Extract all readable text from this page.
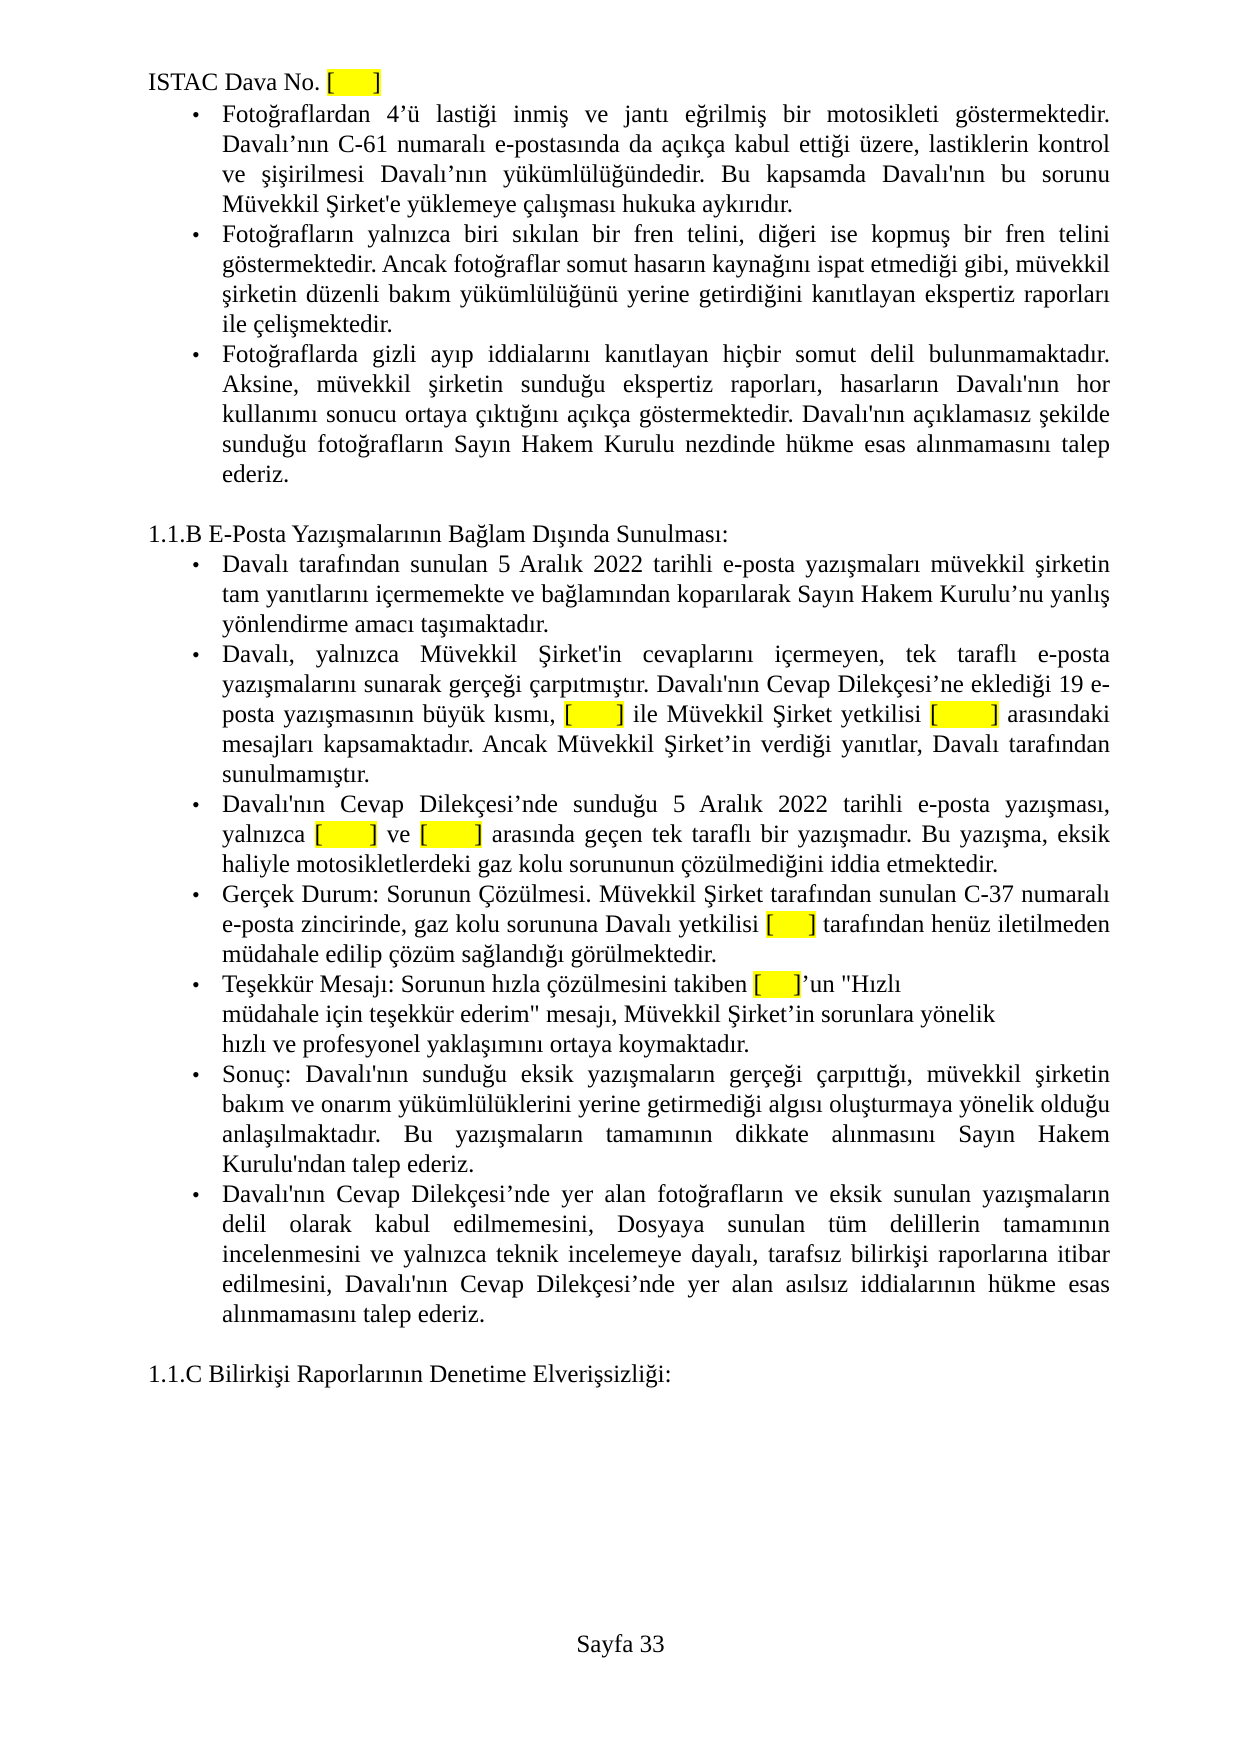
ISTAC Dava No. [      ]
• Fotoğraflardan 4’ü lastiği inmiş ve jantı eğrilmiş bir motosikleti göstermektedir. Davalı’nın C-61 numaralı e-postasında da açıkça kabul ettiği üzere, lastiklerin kontrol ve şişirilmesi Davalı’nın yükümlülüğündedir. Bu kapsamda Davalı'nın bu sorunu Müvekkil Şirket'e yüklemeye çalışması hukuka aykırıdır.
• Fotoğrafların yalnızca biri sıkılan bir fren telini, diğeri ise kopmuş bir fren telini göstermektedir. Ancak fotoğraflar somut hasarın kaynağını ispat etmediği gibi, müvekkil şirketin düzenli bakım yükümlülüğünü yerine getirdiğini kanıtlayan ekspertiz raporları ile çelişmektedir.
• Fotoğraflarda gizli ayıp iddialarını kanıtlayan hiçbir somut delil bulunmamaktadır. Aksine, müvekkil şirketin sunduğu ekspertiz raporları, hasarların Davalı'nın hor kullanımı sonucu ortaya çıktığını açıkça göstermektedir. Davalı'nın açıklamasız şekilde sunduğu fotoğrafların Sayın Hakem Kurulu nezdinde hükme esas alınmamasını talep ederiz.
1.1.B E-Posta Yazışmalarının Bağlam Dışında Sunulması:
• Davalı tarafından sunulan 5 Aralık 2022 tarihli e-posta yazışmaları müvekkil şirketin tam yanıtlarını içermemekte ve bağlamından koparılarak Sayın Hakem Kurulu’nu yanlış yönlendirme amacı taşımaktadır.
• Davalı, yalnızca Müvekkil Şirket'in cevaplarını içermeyen, tek taraflı e-posta yazışmalarını sunarak gerçeği çarpıtmıştır. Davalı'nın Cevap Dilekçesi’ne eklediği 19 e-posta yazışmasının büyük kısmı, [     ] ile Müvekkil Şirket yetkilisi [      ] arasındaki mesajları kapsamaktadır. Ancak Müvekkil Şirket’in verdiği yanıtlar, Davalı tarafından sunulmamıştır.
• Davalı'nın Cevap Dilekçesi’nde sunduğu 5 Aralık 2022 tarihli e-posta yazışması, yalnızca [     ] ve [     ] arasında geçen tek taraflı bir yazışmadır. Bu yazışma, eksik haliyle motosikletlerdeki gaz kolu sorununun çözülmediğini iddia etmektedir.
• Gerçek Durum: Sorunun Çözülmesi. Müvekkil Şirket tarafından sunulan C-37 numaralı e-posta zincirinde, gaz kolu sorununa Davalı yetkilisi [     ] tarafından henüz iletilmeden müdahale edilip çözüm sağlandığı görülmektedir.
• Teşekkür Mesajı: Sorunun hızla çözülmesini takiben [     ]’un "Hızlı
müdahale için teşekkür ederim" mesajı, Müvekkil Şirket’in sorunlara yönelik
hızlı ve profesyonel yaklaşımını ortaya koymaktadır.
• Sonuç: Davalı'nın sunduğu eksik yazışmaların gerçeği çarpıttığı, müvekkil şirketin bakım ve onarım yükümlülüklerini yerine getirmediği algısı oluşturmaya yönelik olduğu anlaşılmaktadır. Bu yazışmaların tamamının dikkate alınmasını Sayın Hakem Kurulu'ndan talep ederiz.
• Davalı'nın Cevap Dilekçesi’nde yer alan fotoğrafların ve eksik sunulan yazışmaların delil olarak kabul edilmemesini, Dosyaya sunulan tüm delillerin tamamının incelenmesini ve yalnızca teknik incelemeye dayalı, tarafsız bilirkişi raporlarına itibar edilmesini, Davalı'nın Cevap Dilekçesi’nde yer alan asılsız iddialarının hükme esas alınmamasını talep ederiz.
1.1.C Bilirkişi Raporlarının Denetime Elverişsizliği:
Sayfa 33
